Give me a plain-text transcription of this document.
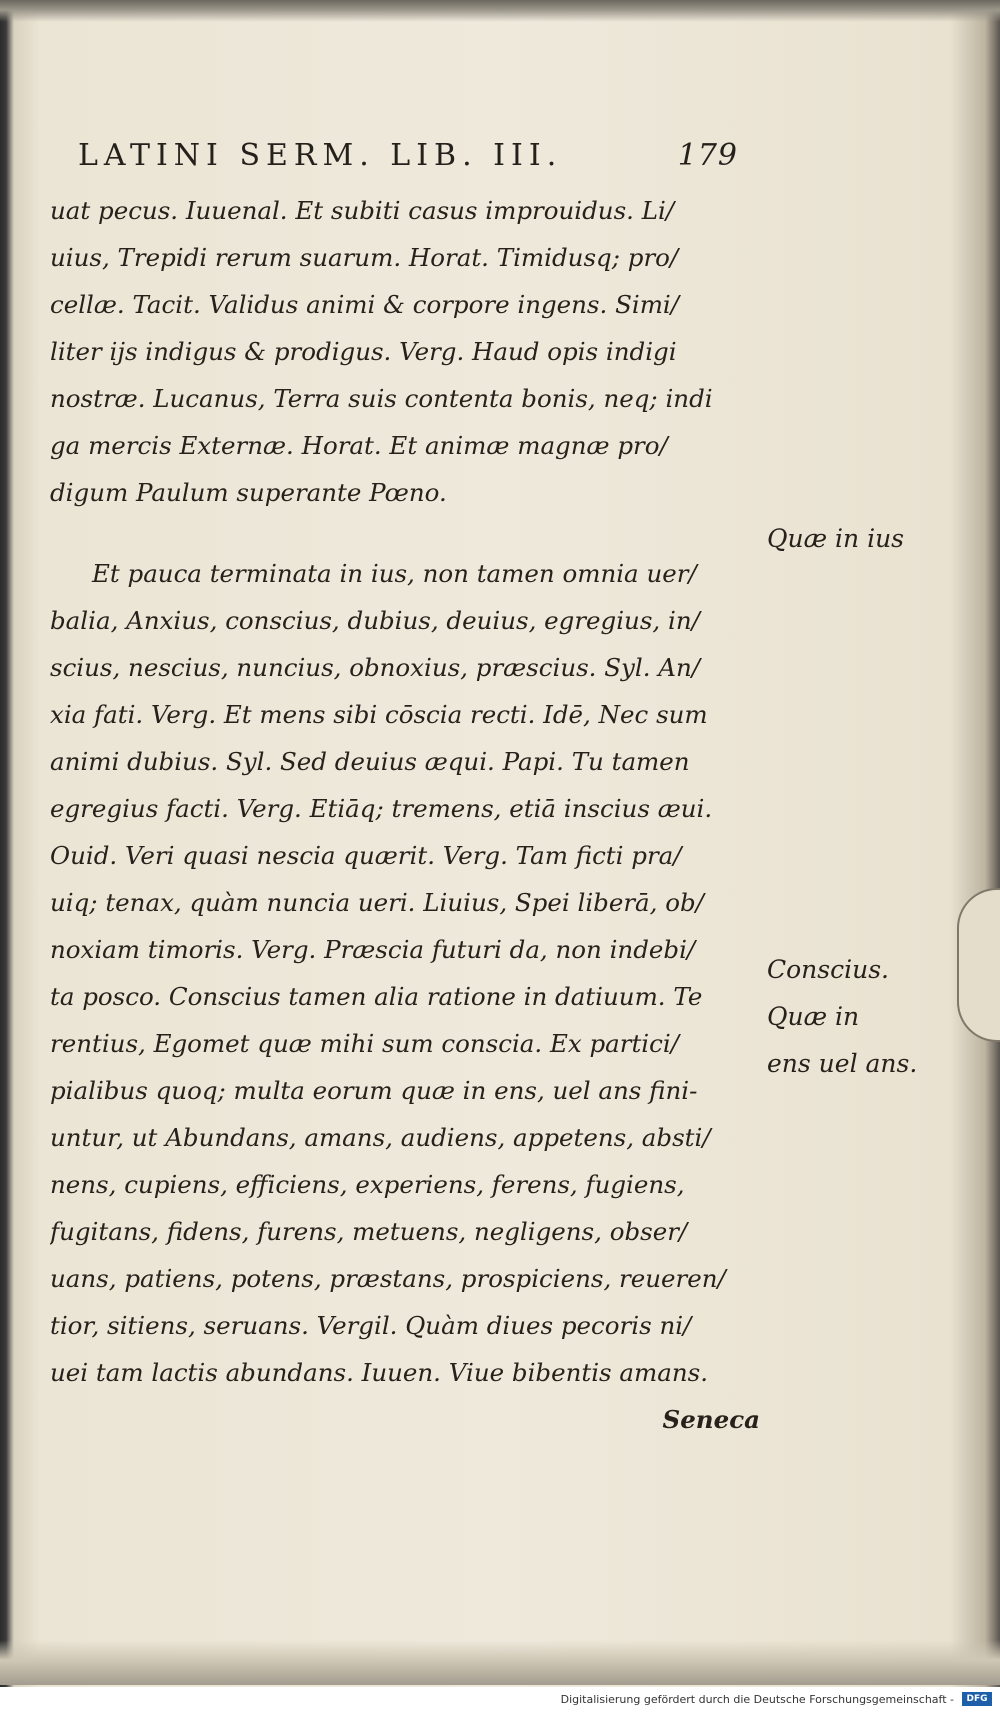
LATINI SERM. LIB. III.	179
uat pecus. Iuuenal. Et subiti casus improuidus. Li/
uius, Trepidi rerum suarum. Horat. Timidusq; pro/
cellæ. Tacit. Validus animi & corpore ingens. Simi/
liter ijs indigus & prodigus. Verg. Haud opis indigi
nostræ. Lucanus, Terra suis contenta bonis, neq; indi
ga mercis Externæ. Horat. Et animæ magnæ pro/
digum Paulum superante Pœno.
Et pauca terminata in ius, non tamen omnia uer/
balia, Anxius, conscius, dubius, deuius, egregius, in/
scius, nescius, nuncius, obnoxius, præscius. Syl. An/
xia fati. Verg. Et mens sibi cōscia recti. Idē, Nec sum
animi dubius. Syl. Sed deuius æqui. Papi. Tu tamen
egregius facti. Verg. Etiāq; tremens, etiā inscius æui.
Ouid. Veri quasi nescia quærit. Verg. Tam ficti pra/
uiq; tenax, quàm nuncia ueri. Liuius, Spei liberā, ob/
noxiam timoris. Verg. Præscia futuri da, non indebi/
ta posco. Conscius tamen alia ratione in datiuum. Te
rentius, Egomet quæ mihi sum conscia. Ex partici/
pialibus quoq; multa eorum quæ in ens, uel ans fini-
untur, ut Abundans, amans, audiens, appetens, absti/
nens, cupiens, efficiens, experiens, ferens, fugiens,
fugitans, fidens, furens, metuens, negligens, obser/
uans, patiens, potens, præstans, prospiciens, reueren/
tior, sitiens, seruans. Vergil. Quàm diues pecoris ni/
uei tam lactis abundans. Iuuen. Viue bibentis amans.
Seneca
Quæ in ius
Conscius.
Quæ in
ens uel ans.
Digitalisierung gefördert durch die Deutsche Forschungsgemeinschaft -	DFG
